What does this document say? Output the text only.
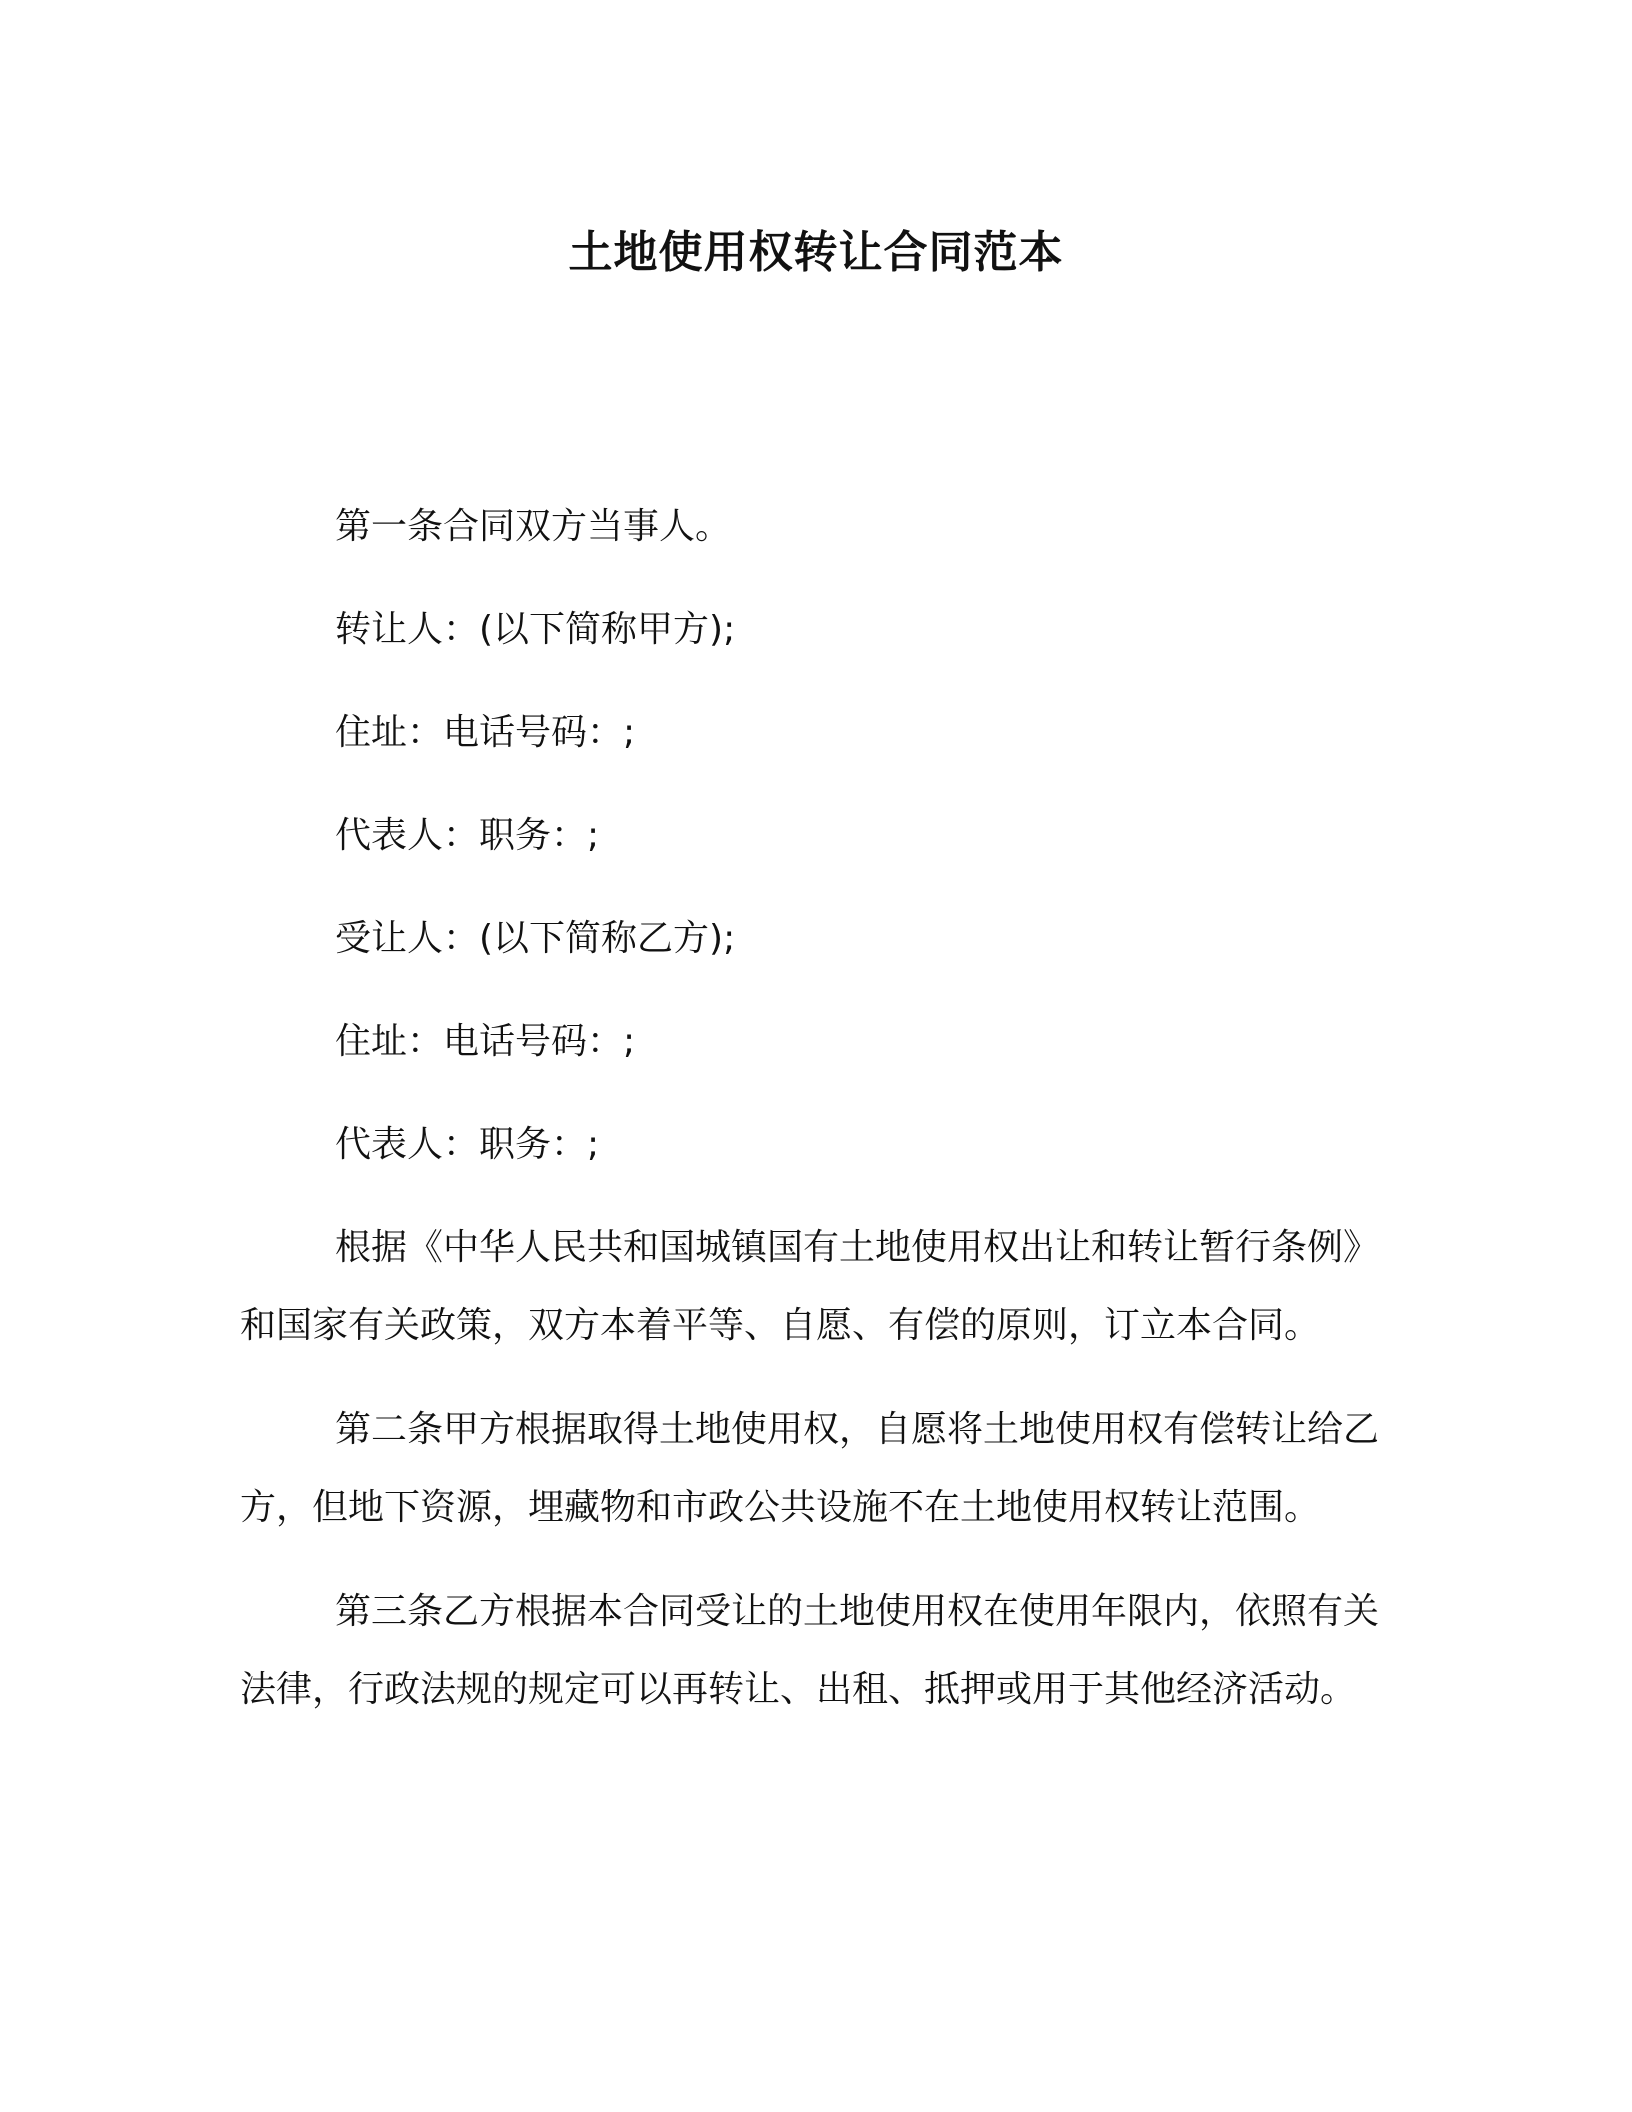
土地使用权转让合同范本

第一条合同双方当事人。

转让人：(以下简称甲方);

住址：电话号码：;

代表人：职务：;

受让人：(以下简称乙方);

住址：电话号码：;

代表人：职务：;

根据《中华人民共和国城镇国有土地使用权出让和转让暂行条例》和国家有关政策，双方本着平等、自愿、有偿的原则，订立本合同。

第二条甲方根据取得土地使用权，自愿将土地使用权有偿转让给乙方，但地下资源，埋藏物和市政公共设施不在土地使用权转让范围。

第三条乙方根据本合同受让的土地使用权在使用年限内，依照有关法律，行政法规的规定可以再转让、出租、抵押或用于其他经济活动。
